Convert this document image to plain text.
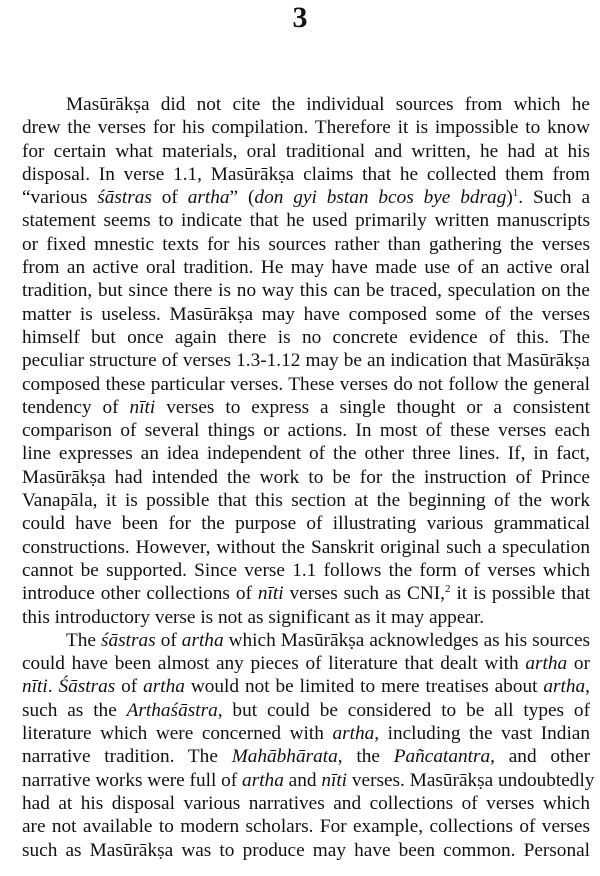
3
Masūrākṣa did not cite the individual sources from which he
drew the verses for his compilation. Therefore it is impossible to know
for certain what materials, oral traditional and written, he had at his
disposal. In verse 1.1, Masūrākṣa claims that he collected them from
“various śāstras of artha” (don gyi bstan bcos bye bdrag)$^1$. Such a
statement seems to indicate that he used primarily written manuscripts
or fixed mnestic texts for his sources rather than gathering the verses
from an active oral tradition. He may have made use of an active oral
tradition, but since there is no way this can be traced, speculation on the
matter is useless. Masūrākṣa may have composed some of the verses
himself but once again there is no concrete evidence of this. The
peculiar structure of verses 1.3-1.12 may be an indication that Masūrākṣa
composed these particular verses. These verses do not follow the general
tendency of nīti verses to express a single thought or a consistent
comparison of several things or actions. In most of these verses each
line expresses an idea independent of the other three lines. If, in fact,
Masūrākṣa had intended the work to be for the instruction of Prince
Vanapāla, it is possible that this section at the beginning of the work
could have been for the purpose of illustrating various grammatical
constructions. However, without the Sanskrit original such a speculation
cannot be supported. Since verse 1.1 follows the form of verses which
introduce other collections of nīti verses such as CNI,$^2$ it is possible that
this introductory verse is not as significant as it may appear.
The śāstras of artha which Masūrākṣa acknowledges as his sources
could have been almost any pieces of literature that dealt with artha or
nīti. Śāstras of artha would not be limited to mere treatises about artha,
such as the Arthaśāstra, but could be considered to be all types of
literature which were concerned with artha, including the vast Indian
narrative tradition. The Mahābhārata, the Pañcatantra, and other
narrative works were full of artha and nīti verses. Masūrākṣa undoubtedly
had at his disposal various narratives and collections of verses which
are not available to modern scholars. For example, collections of verses
such as Masūrākṣa was to produce may have been common. Personal
